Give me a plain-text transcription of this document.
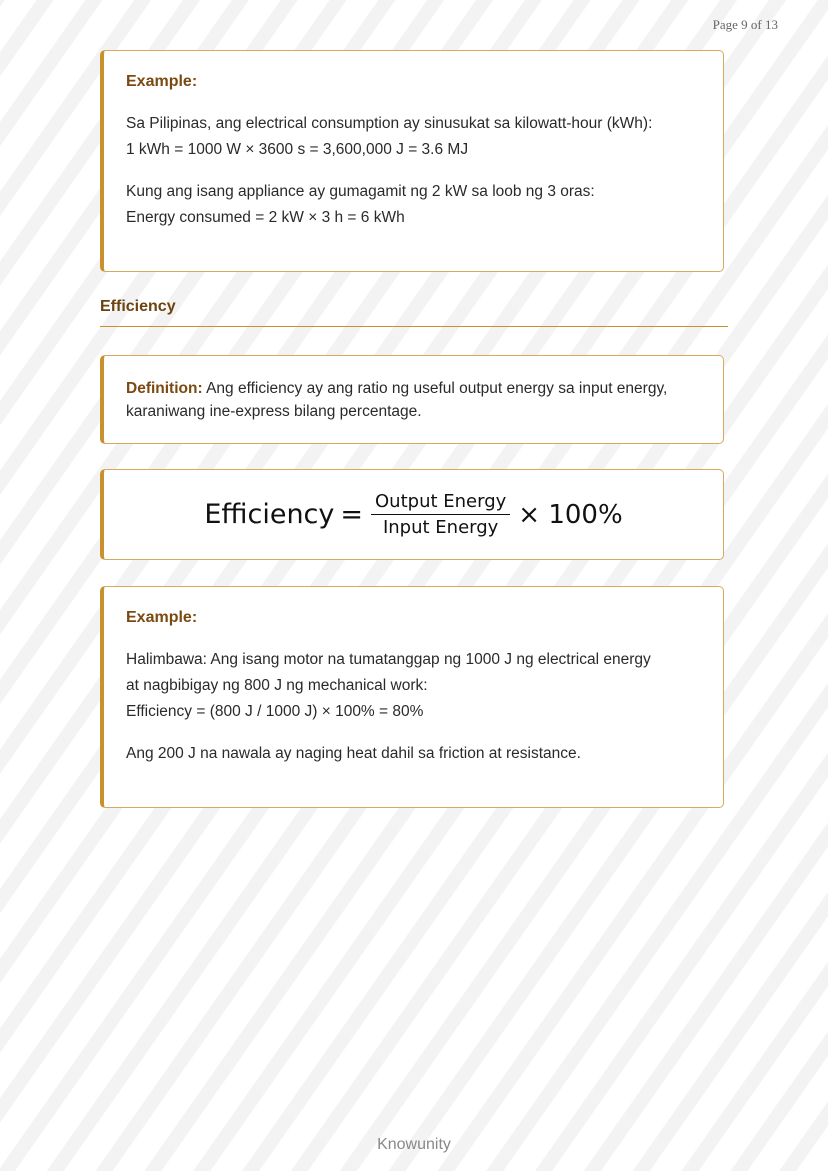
Page 9 of 13
Example:
Sa Pilipinas, ang electrical consumption ay sinusukat sa kilowatt-hour (kWh):
1 kWh = 1000 W × 3600 s = 3,600,000 J = 3.6 MJ
Kung ang isang appliance ay gumagamit ng 2 kW sa loob ng 3 oras:
Energy consumed = 2 kW × 3 h = 6 kWh
Efficiency
Definition: Ang efficiency ay ang ratio ng useful output energy sa input energy,
karaniwang ine-express bilang percentage.
Efficiency = $\frac{\text{Output Energy}}{\text{Input Energy}} \times 100\%$
Example:
Halimbawa: Ang isang motor na tumatanggap ng 1000 J ng electrical energy
at nagbibigay ng 800 J ng mechanical work:
Efficiency = (800 J / 1000 J) × 100% = 80%
Ang 200 J na nawala ay naging heat dahil sa friction at resistance.
Knowunity
